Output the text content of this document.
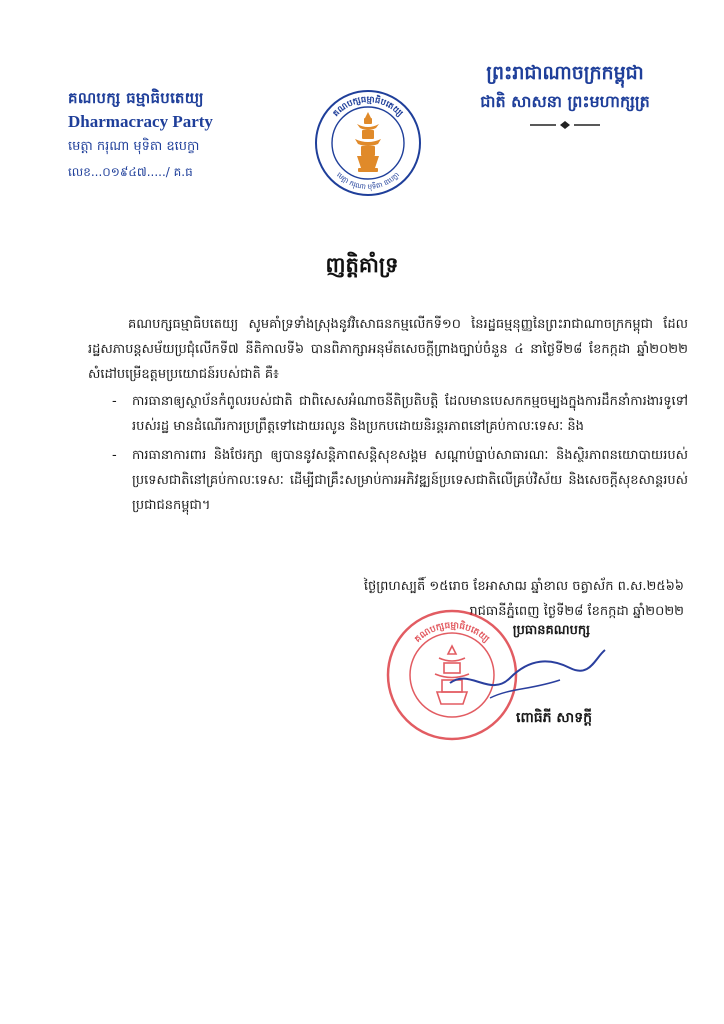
គណបក្ស ធម្មាធិបតេយ្យ
Dharmacracy Party
មេត្តា ករុណា មុទិតា ឧបេក្ខា
លេខ...០១៩៤៧...../ គ.ធ
គណបក្សធម្មាធិបតេយ្យ
មេត្តា ករុណា មុទិតា ឧបេក្ខា
ព្រះរាជាណាចក្រកម្ពុជា
ជាតិ សាសនា ព្រះមហាក្សត្រ
ញត្តិគាំទ្រ

គណបក្សធម្មាធិបតេយ្យ សូមគាំទ្រទាំងស្រុងនូវវិសោធនកម្មលើកទី១០ នៃរដ្ឋធម្មនុញ្ញនៃព្រះរាជាណាចក្រកម្ពុជា ដែលរដ្ឋសភាបន្តសម័យប្រជុំលើកទី៧ នីតិកាលទី៦ បានពិភាក្សាអនុម័តសេចក្តីព្រាងច្បាប់ចំនួន ៤ នាថ្ងៃទី២៨ ខែកក្កដា ឆ្នាំ២០២២ សំដៅបម្រើឧត្តមប្រយោជន៍របស់ជាតិ គឺ៖

- ការធានាឲ្យស្ថាប័នកំពូលរបស់ជាតិ ជាពិសេសអំណាចនីតិប្រតិបត្តិ ដែលមានបេសកកម្មចម្បងក្នុងការដឹកនាំការងារទូទៅរបស់រដ្ឋ មានដំណើរការប្រព្រឹត្តទៅដោយរលូន និងប្រកបដោយនិរន្តរភាពនៅគ្រប់កាលៈទេសៈ និង
- ការធានាការពារ និងថែរក្សា ឲ្យបាននូវសន្តិភាពសន្តិសុខសង្គម សណ្តាប់ធ្នាប់សាធារណៈ និងស្ថិរភាពនយោបាយរបស់ប្រទេសជាតិនៅគ្រប់កាលៈទេសៈ ដើម្បីជាគ្រឹះសម្រាប់ការអភិវឌ្ឍន៍ប្រទេសជាតិលើគ្រប់វិស័យ និងសេចក្តីសុខសាន្តរបស់ប្រជាជនកម្ពុជា។
ថ្ងៃព្រហស្បតិ៍ ១៥រោច ខែអាសាឍ ឆ្នាំខាល ចត្វាស័ក ព.ស.២៥៦៦
រាជធានីភ្នំពេញ ថ្ងៃទី២៨ ខែកក្កដា ឆ្នាំ២០២២
គណបក្សធម្មាធិបតេយ្យ	ប្រធានគណបក្ស
ពោធិភី សាទក្តី
